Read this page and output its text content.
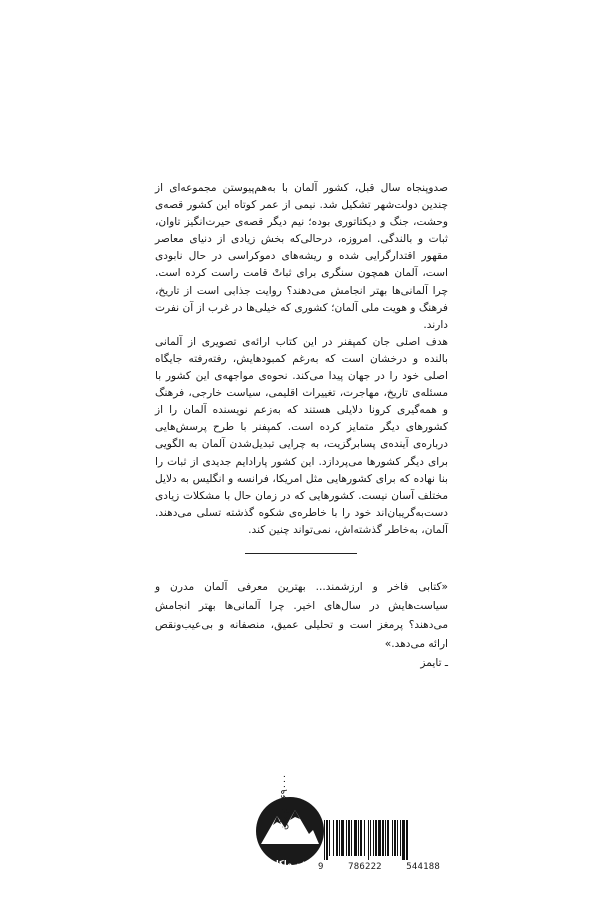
صدوپنجاه سال قبل، کشور آلمان با به‌هم‌پیوستن مجموعه‌ای از چندین دولت‌شهر تشکیل شد. نیمی از عمر کوتاه این کشور قصه‌ی وحشت، جنگ و دیکتاتوری بوده؛ نیم دیگر قصه‌ی حیرت‌انگیز تاوان، ثبات و بالندگی. امروزه، درحالی‌که بخش زیادی از دنیای معاصر مقهور اقتدارگرایی شده و ریشه‌های دموکراسی در حال نابودی است، آلمان همچون سنگری برای ثباتْ قامت راست کرده است. چرا آلمانی‌ها بهتر انجامش می‌دهند؟ روایت جذابی است از تاریخ، فرهنگ و هویت ملی آلمان؛ کشوری که خیلی‌ها در غرب از آن نفرت دارند.

هدف اصلی جان کمپفنر در این کتاب ارائه‌ی تصویری از آلمانی بالنده و درخشان است که به‌رغم کمبودهایش، رفته‌رفته جایگاه اصلی خود را در جهان پیدا می‌کند. نحوه‌ی مواجهه‌ی این کشور با مسئله‌ی تاریخ، مهاجرت، تغییرات اقلیمی، سیاست خارجی، فرهنگ و همه‌گیری کرونا دلایلی هستند که به‌زعم نویسنده آلمان را از کشورهای دیگر متمایز کرده است. کمپفنر با طرح پرسش‌هایی درباره‌ی آینده‌ی پسابرگزیت، به چرایی تبدیل‌شدن آلمان به الگویی برای دیگر کشورها می‌پردازد. این کشور پارادایم جدیدی از ثبات را بنا نهاده که برای کشورهایی مثل امریکا، فرانسه و انگلیس به دلایل مختلف آسان نیست. کشورهایی که در زمان حال با مشکلات زیادی دست‌به‌گریبان‌اند خود را با خاطره‌ی شکوه گذشته تسلی می‌دهند. آلمان، به‌خاطر گذشته‌اش، نمی‌تواند چنین کند.

«کتابی فاخر و ارزشمند... بهترین معرفی آلمان مدرن و سیاست‌هایش در سال‌های اخیر. چرا آلمانی‌ها بهتر انجامش می‌دهند؟ پرمغز است و تحلیلی عمیق، منصفانه و بی‌عیب‌ونقص ارائه می‌دهد.»

ـ تایمز
نشر ملکان
۱۶۹۰۰۰ تومان
9	786222	544188
